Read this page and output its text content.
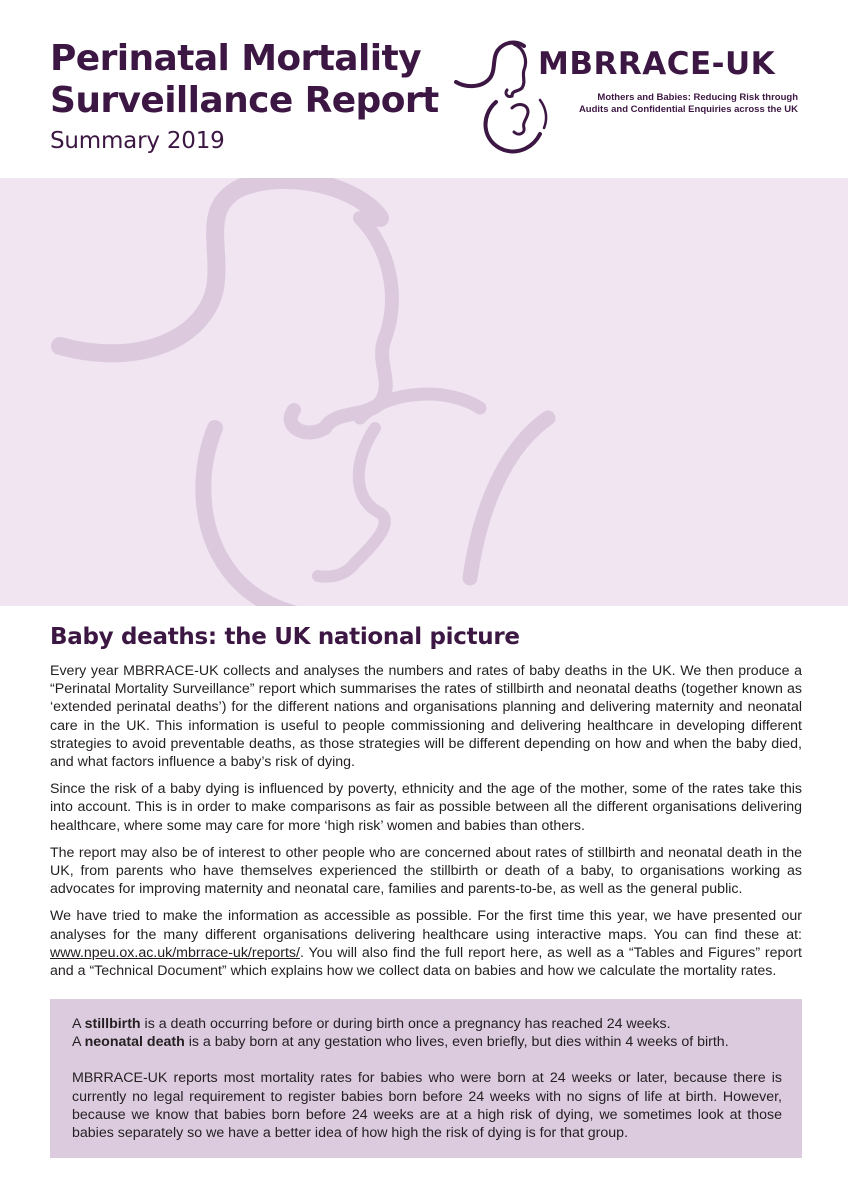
Perinatal Mortality
Surveillance Report
Summary 2019
MBRRACE-UK
Mothers and Babies: Reducing Risk through
Audits and Confidential Enquiries across the UK
Baby deaths: the UK national picture

Every year MBRRACE-UK collects and analyses the numbers and rates of baby deaths in the UK. We then produce a “Perinatal Mortality Surveillance” report which summarises the rates of stillbirth and neonatal deaths (together known as ‘extended perinatal deaths’) for the different nations and organisations planning and delivering maternity and neonatal care in the UK. This information is useful to people commissioning and delivering healthcare in developing different strategies to avoid preventable deaths, as those strategies will be different depending on how and when the baby died, and what factors influence a baby’s risk of dying.

Since the risk of a baby dying is influenced by poverty, ethnicity and the age of the mother, some of the rates take this into account. This is in order to make comparisons as fair as possible between all the different organisations delivering healthcare, where some may care for more ‘high risk’ women and babies than others.

The report may also be of interest to other people who are concerned about rates of stillbirth and neonatal death in the UK, from parents who have themselves experienced the stillbirth or death of a baby, to organisations working as advocates for improving maternity and neonatal care, families and parents-to-be, as well as the general public.

We have tried to make the information as accessible as possible. For the first time this year, we have presented our analyses for the many different organisations delivering healthcare using interactive maps. You can find these at: www.npeu.ox.ac.uk/mbrrace-uk/reports/. You will also find the full report here, as well as a “Tables and Figures” report and a “Technical Document” which explains how we collect data on babies and how we calculate the mortality rates.

A stillbirth is a death occurring before or during birth once a pregnancy has reached 24 weeks.

A neonatal death is a baby born at any gestation who lives, even briefly, but dies within 4 weeks of birth.

MBRRACE-UK reports most mortality rates for babies who were born at 24 weeks or later, because there is currently no legal requirement to register babies born before 24 weeks with no signs of life at birth. However, because we know that babies born before 24 weeks are at a high risk of dying, we sometimes look at those babies separately so we have a better idea of how high the risk of dying is for that group.
